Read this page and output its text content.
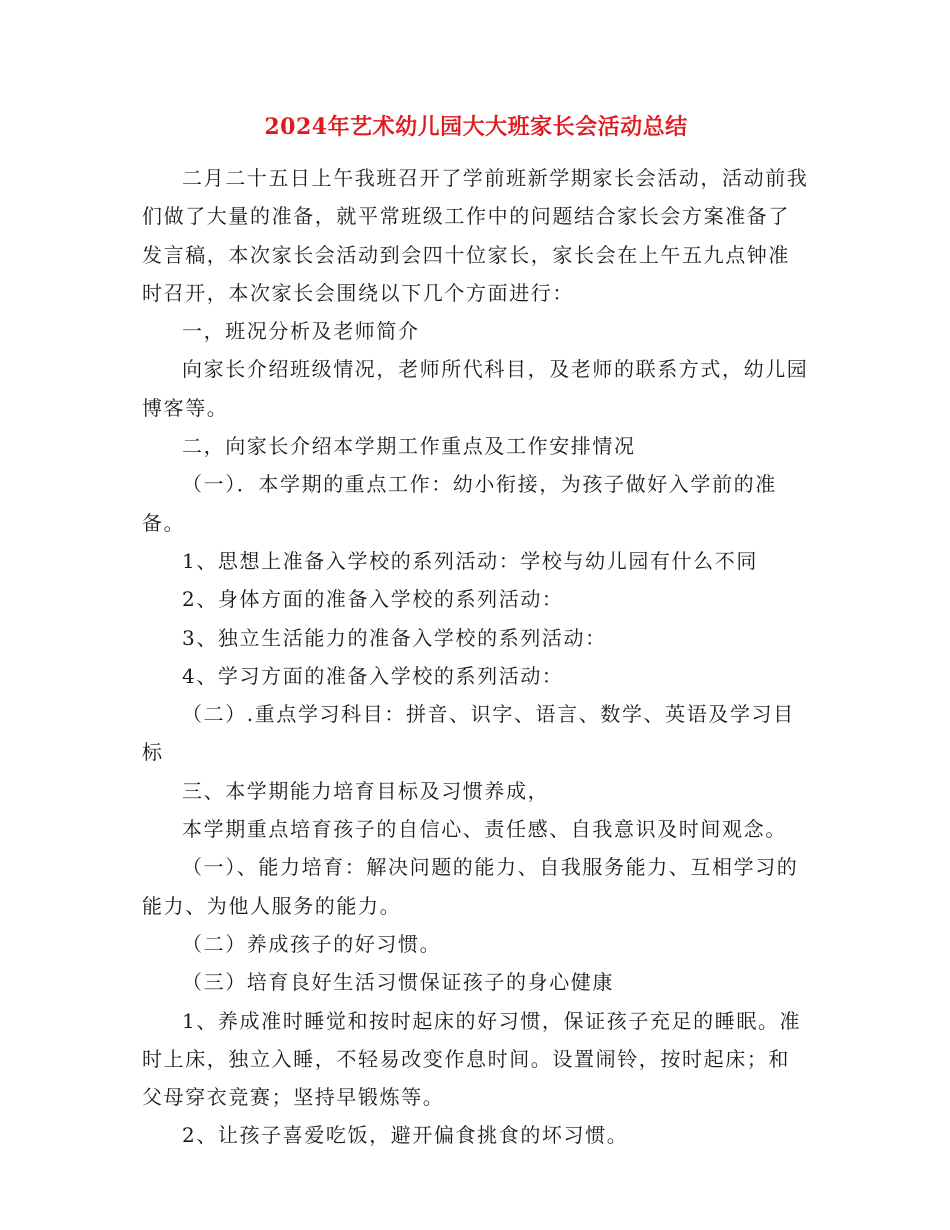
2024年艺术幼儿园大大班家长会活动总结

二月二十五日上午我班召开了学前班新学期家长会活动，活动前我们做了大量的准备，就平常班级工作中的问题结合家长会方案准备了发言稿，本次家长会活动到会四十位家长，家长会在上午五九点钟准时召开，本次家长会围绕以下几个方面进行：

一，班况分析及老师简介

向家长介绍班级情况，老师所代科目，及老师的联系方式，幼儿园博客等。

二，向家长介绍本学期工作重点及工作安排情况

（一）．本学期的重点工作：幼小衔接，为孩子做好入学前的准备。

1、思想上准备入学校的系列活动：学校与幼儿园有什么不同

2、身体方面的准备入学校的系列活动：

3、独立生活能力的准备入学校的系列活动：

4、学习方面的准备入学校的系列活动：

（二）.重点学习科目：拼音、识字、语言、数学、英语及学习目标

三、本学期能力培育目标及习惯养成，

本学期重点培育孩子的自信心、责任感、自我意识及时间观念。

（一）、能力培育：解决问题的能力、自我服务能力、互相学习的能力、为他人服务的能力。

（二）养成孩子的好习惯。

（三）培育良好生活习惯保证孩子的身心健康

1、养成准时睡觉和按时起床的好习惯，保证孩子充足的睡眠。准时上床，独立入睡，不轻易改变作息时间。设置闹铃，按时起床；和父母穿衣竞赛；坚持早锻炼等。

2、让孩子喜爱吃饭，避开偏食挑食的坏习惯。
